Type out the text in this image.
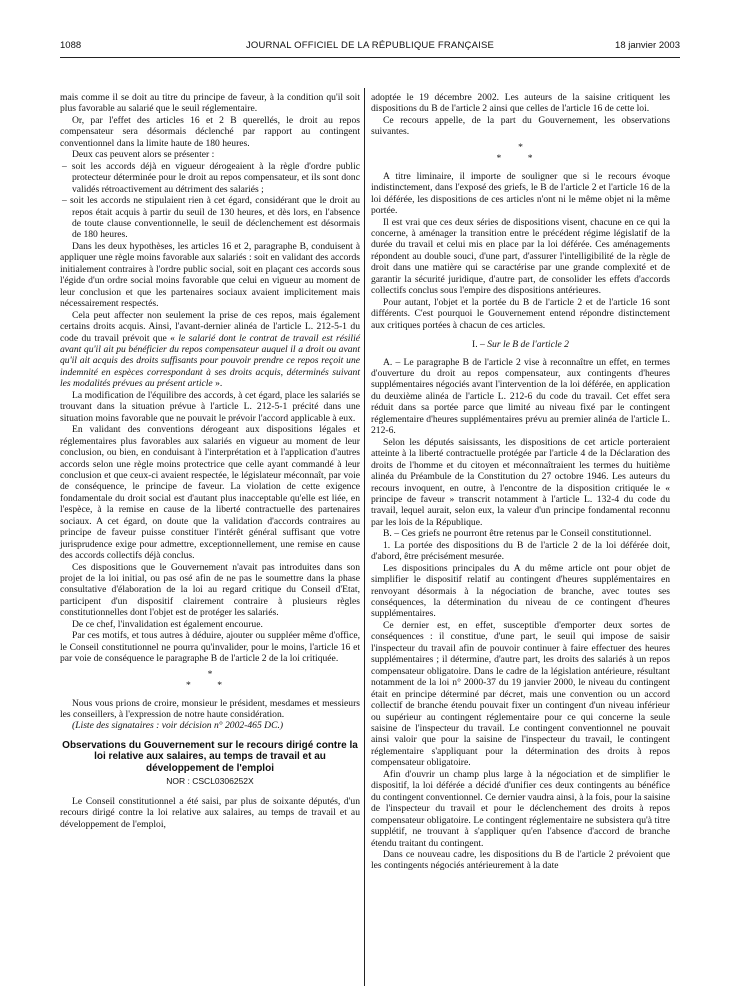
1088	JOURNAL OFFICIEL DE LA RÉPUBLIQUE FRANÇAISE	18 janvier 2003

mais comme il se doit au titre du principe de faveur, à la condition qu'il soit plus favorable au salarié que le seuil réglementaire.

Or, par l'effet des articles 16 et 2 B querellés, le droit au repos compensateur sera désormais déclenché par rapport au contingent conventionnel dans la limite haute de 180 heures.

Deux cas peuvent alors se présenter :

– soit les accords déjà en vigueur dérogeaient à la règle d'ordre public protecteur déterminée pour le droit au repos compensateur, et ils sont donc validés rétroactivement au détriment des salariés ;
– soit les accords ne stipulaient rien à cet égard, considérant que le droit au repos était acquis à partir du seuil de 130 heures, et dès lors, en l'absence de toute clause conventionnelle, le seuil de déclenchement est désormais de 180 heures.

Dans les deux hypothèses, les articles 16 et 2, paragraphe B, conduisent à appliquer une règle moins favorable aux salariés : soit en validant des accords initialement contraires à l'ordre public social, soit en plaçant ces accords sous l'égide d'un ordre social moins favorable que celui en vigueur au moment de leur conclusion et que les partenaires sociaux avaient implicitement mais nécessairement respectés.

Cela peut affecter non seulement la prise de ces repos, mais également certains droits acquis. Ainsi, l'avant-dernier alinéa de l'article L. 212-5-1 du code du travail prévoit que « le salarié dont le contrat de travail est résilié avant qu'il ait pu bénéficier du repos compensateur auquel il a droit ou avant qu'il ait acquis des droits suffisants pour pouvoir prendre ce repos reçoit une indemnité en espèces correspondant à ses droits acquis, déterminés suivant les modalités prévues au présent article ».

La modification de l'équilibre des accords, à cet égard, place les salariés se trouvant dans la situation prévue à l'article L. 212-5-1 précité dans une situation moins favorable que ne pouvait le prévoir l'accord applicable à eux.

En validant des conventions dérogeant aux dispositions légales et réglementaires plus favorables aux salariés en vigueur au moment de leur conclusion, ou bien, en conduisant à l'interprétation et à l'application d'autres accords selon une règle moins protectrice que celle ayant commandé à leur conclusion et que ceux-ci avaient respectée, le législateur méconnaît, par voie de conséquence, le principe de faveur. La violation de cette exigence fondamentale du droit social est d'autant plus inacceptable qu'elle est liée, en l'espèce, à la remise en cause de la liberté contractuelle des partenaires sociaux. A cet égard, on doute que la validation d'accords contraires au principe de faveur puisse constituer l'intérêt général suffisant que votre jurisprudence exige pour admettre, exceptionnellement, une remise en cause des accords collectifs déjà conclus.

Ces dispositions que le Gouvernement n'avait pas introduites dans son projet de la loi initial, ou pas osé afin de ne pas le soumettre dans la phase consultative d'élaboration de la loi au regard critique du Conseil d'Etat, participent d'un dispositif clairement contraire à plusieurs règles constitutionnelles dont l'objet est de protéger les salariés.

De ce chef, l'invalidation est également encourue.

Par ces motifs, et tous autres à déduire, ajouter ou suppléer même d'office, le Conseil constitutionnel ne pourra qu'invalider, pour le moins, l'article 16 et par voie de conséquence le paragraphe B de l'article 2 de la loi critiquée.

*
* *

Nous vous prions de croire, monsieur le président, mesdames et messieurs les conseillers, à l'expression de notre haute considération.

(Liste des signataires : voir décision n° 2002-465 DC.)

Observations du Gouvernement sur le recours dirigé contre la loi relative aux salaires, au temps de travail et au développement de l'emploi
NOR : CSCL0306252X

Le Conseil constitutionnel a été saisi, par plus de soixante députés, d'un recours dirigé contre la loi relative aux salaires, au temps de travail et au développement de l'emploi,

adoptée le 19 décembre 2002. Les auteurs de la saisine critiquent les dispositions du B de l'article 2 ainsi que celles de l'article 16 de cette loi.

Ce recours appelle, de la part du Gouvernement, les observations suivantes.

*
* *

A titre liminaire, il importe de souligner que si le recours évoque indistinctement, dans l'exposé des griefs, le B de l'article 2 et l'article 16 de la loi déférée, les dispositions de ces articles n'ont ni le même objet ni la même portée.

Il est vrai que ces deux séries de dispositions visent, chacune en ce qui la concerne, à aménager la transition entre le précédent régime législatif de la durée du travail et celui mis en place par la loi déférée. Ces aménagements répondent au double souci, d'une part, d'assurer l'intelligibilité de la règle de droit dans une matière qui se caractérise par une grande complexité et de garantir la sécurité juridique, d'autre part, de consolider les effets d'accords collectifs conclus sous l'empire des dispositions antérieures.

Pour autant, l'objet et la portée du B de l'article 2 et de l'article 16 sont différents. C'est pourquoi le Gouvernement entend répondre distinctement aux critiques portées à chacun de ces articles.

I. – Sur le B de l'article 2

A. – Le paragraphe B de l'article 2 vise à reconnaître un effet, en termes d'ouverture du droit au repos compensateur, aux contingents d'heures supplémentaires négociés avant l'intervention de la loi déférée, en application du deuxième alinéa de l'article L. 212-6 du code du travail. Cet effet sera réduit dans sa portée parce que limité au niveau fixé par le contingent réglementaire d'heures supplémentaires prévu au premier alinéa de l'article L. 212-6.

Selon les députés saisissants, les dispositions de cet article porteraient atteinte à la liberté contractuelle protégée par l'article 4 de la Déclaration des droits de l'homme et du citoyen et méconnaîtraient les termes du huitième alinéa du Préambule de la Constitution du 27 octobre 1946. Les auteurs du recours invoquent, en outre, à l'encontre de la disposition critiquée le « principe de faveur » transcrit notamment à l'article L. 132-4 du code du travail, lequel aurait, selon eux, la valeur d'un principe fondamental reconnu par les lois de la République.

B. – Ces griefs ne pourront être retenus par le Conseil constitutionnel.

1. La portée des dispositions du B de l'article 2 de la loi déférée doit, d'abord, être précisément mesurée.

Les dispositions principales du A du même article ont pour objet de simplifier le dispositif relatif au contingent d'heures supplémentaires en renvoyant désormais à la négociation de branche, avec toutes ses conséquences, la détermination du niveau de ce contingent d'heures supplémentaires.

Ce dernier est, en effet, susceptible d'emporter deux sortes de conséquences : il constitue, d'une part, le seuil qui impose de saisir l'inspecteur du travail afin de pouvoir continuer à faire effectuer des heures supplémentaires ; il détermine, d'autre part, les droits des salariés à un repos compensateur obligatoire. Dans le cadre de la législation antérieure, résultant notamment de la loi n° 2000-37 du 19 janvier 2000, le niveau du contingent était en principe déterminé par décret, mais une convention ou un accord collectif de branche étendu pouvait fixer un contingent d'un niveau inférieur ou supérieur au contingent réglementaire pour ce qui concerne la seule saisine de l'inspecteur du travail. Le contingent conventionnel ne pouvait ainsi valoir que pour la saisine de l'inspecteur du travail, le contingent réglementaire s'appliquant pour la détermination des droits à repos compensateur obligatoire.

Afin d'ouvrir un champ plus large à la négociation et de simplifier le dispositif, la loi déférée a décidé d'unifier ces deux contingents au bénéfice du contingent conventionnel. Ce dernier vaudra ainsi, à la fois, pour la saisine de l'inspecteur du travail et pour le déclenchement des droits à repos compensateur obligatoire. Le contingent réglementaire ne subsistera qu'à titre supplétif, ne trouvant à s'appliquer qu'en l'absence d'accord de branche étendu traitant du contingent.

Dans ce nouveau cadre, les dispositions du B de l'article 2 prévoient que les contingents négociés antérieurement à la date
